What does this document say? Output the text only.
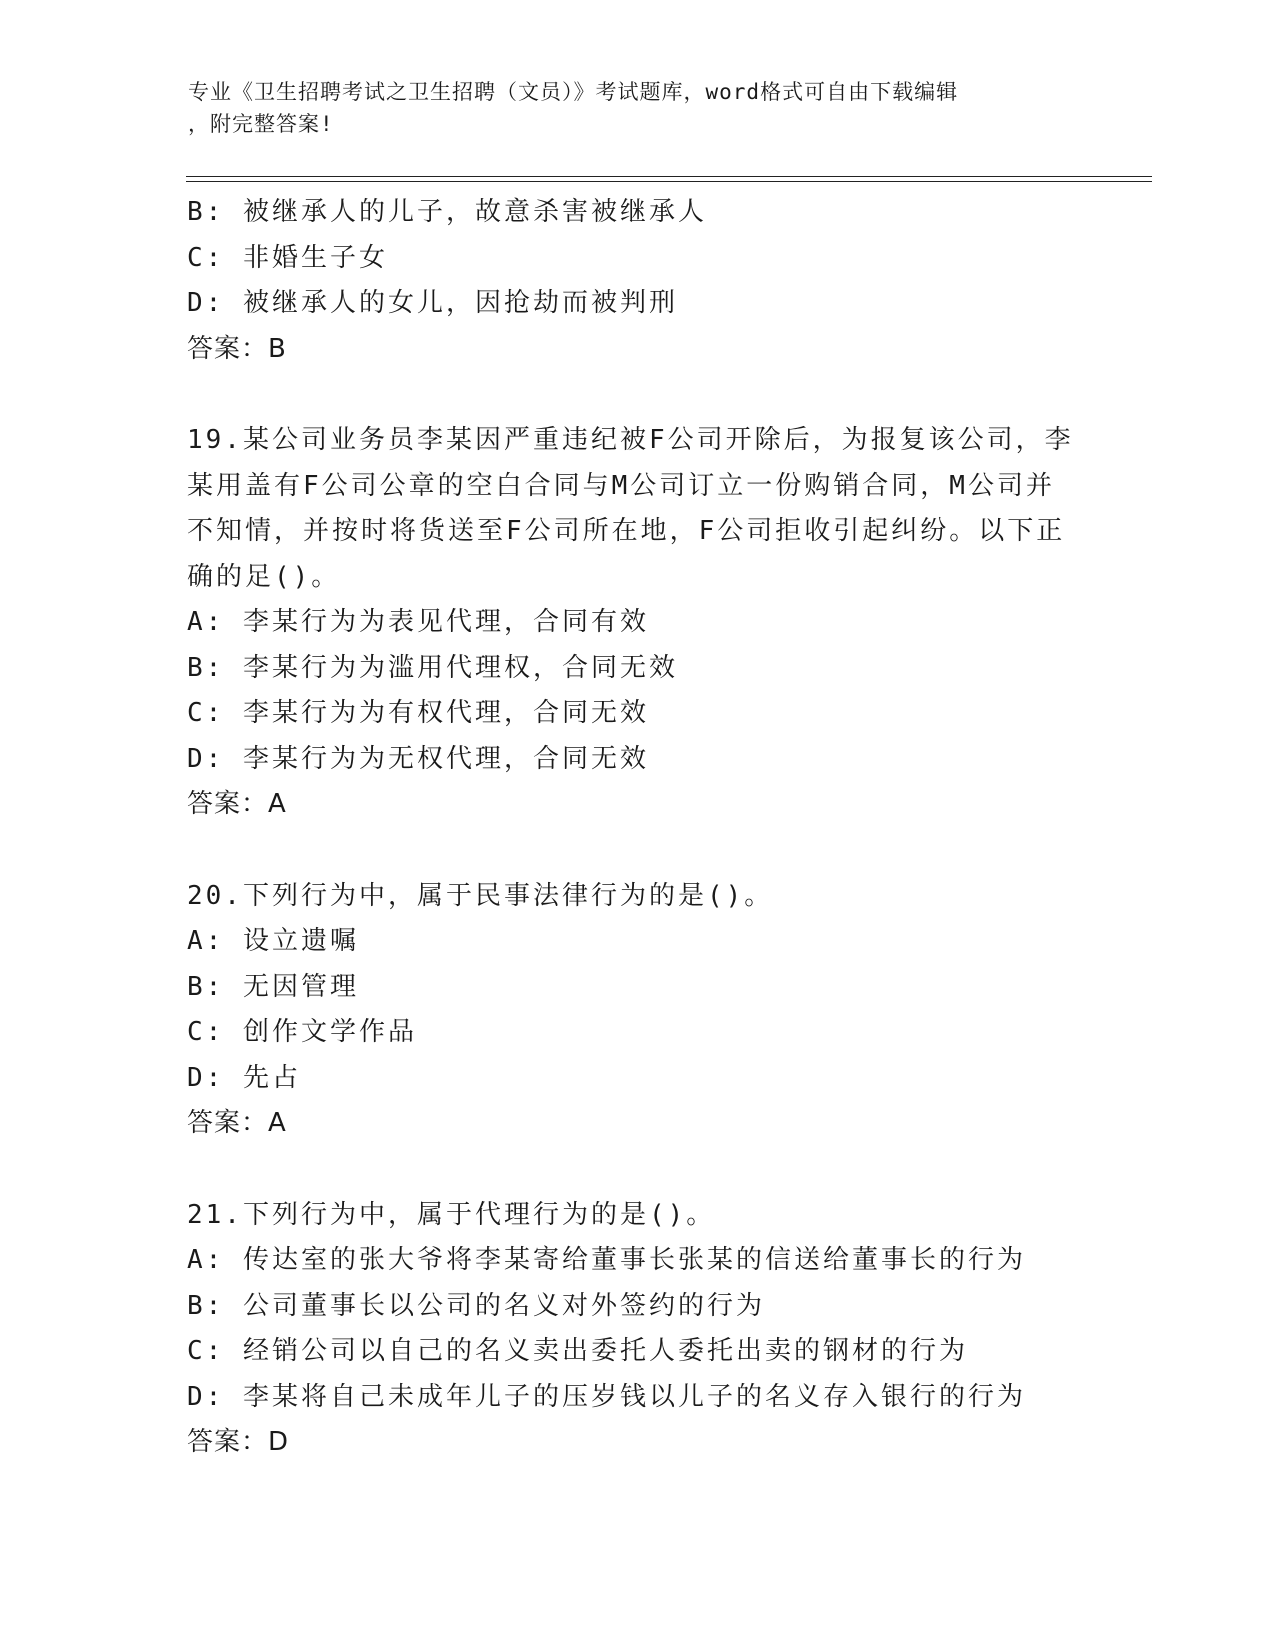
专业《卫生招聘考试之卫生招聘（文员）》考试题库，word格式可自由下载编辑
，附完整答案!
B: 被继承人的儿子，故意杀害被继承人
C: 非婚生子女
D: 被继承人的女儿，因抢劫而被判刑
答案：B
19.某公司业务员李某因严重违纪被F公司开除后，为报复该公司，李
某用盖有F公司公章的空白合同与M公司订立一份购销合同，M公司并
不知情，并按时将货送至F公司所在地，F公司拒收引起纠纷。以下正
确的足()。
A: 李某行为为表见代理，合同有效
B: 李某行为为滥用代理权，合同无效
C: 李某行为为有权代理，合同无效
D: 李某行为为无权代理，合同无效
答案：A
20.下列行为中，属于民事法律行为的是()。
A: 设立遗嘱
B: 无因管理
C: 创作文学作品
D: 先占
答案：A
21.下列行为中，属于代理行为的是()。
A: 传达室的张大爷将李某寄给董事长张某的信送给董事长的行为
B: 公司董事长以公司的名义对外签约的行为
C: 经销公司以自己的名义卖出委托人委托出卖的钢材的行为
D: 李某将自己未成年儿子的压岁钱以儿子的名义存入银行的行为
答案：D
